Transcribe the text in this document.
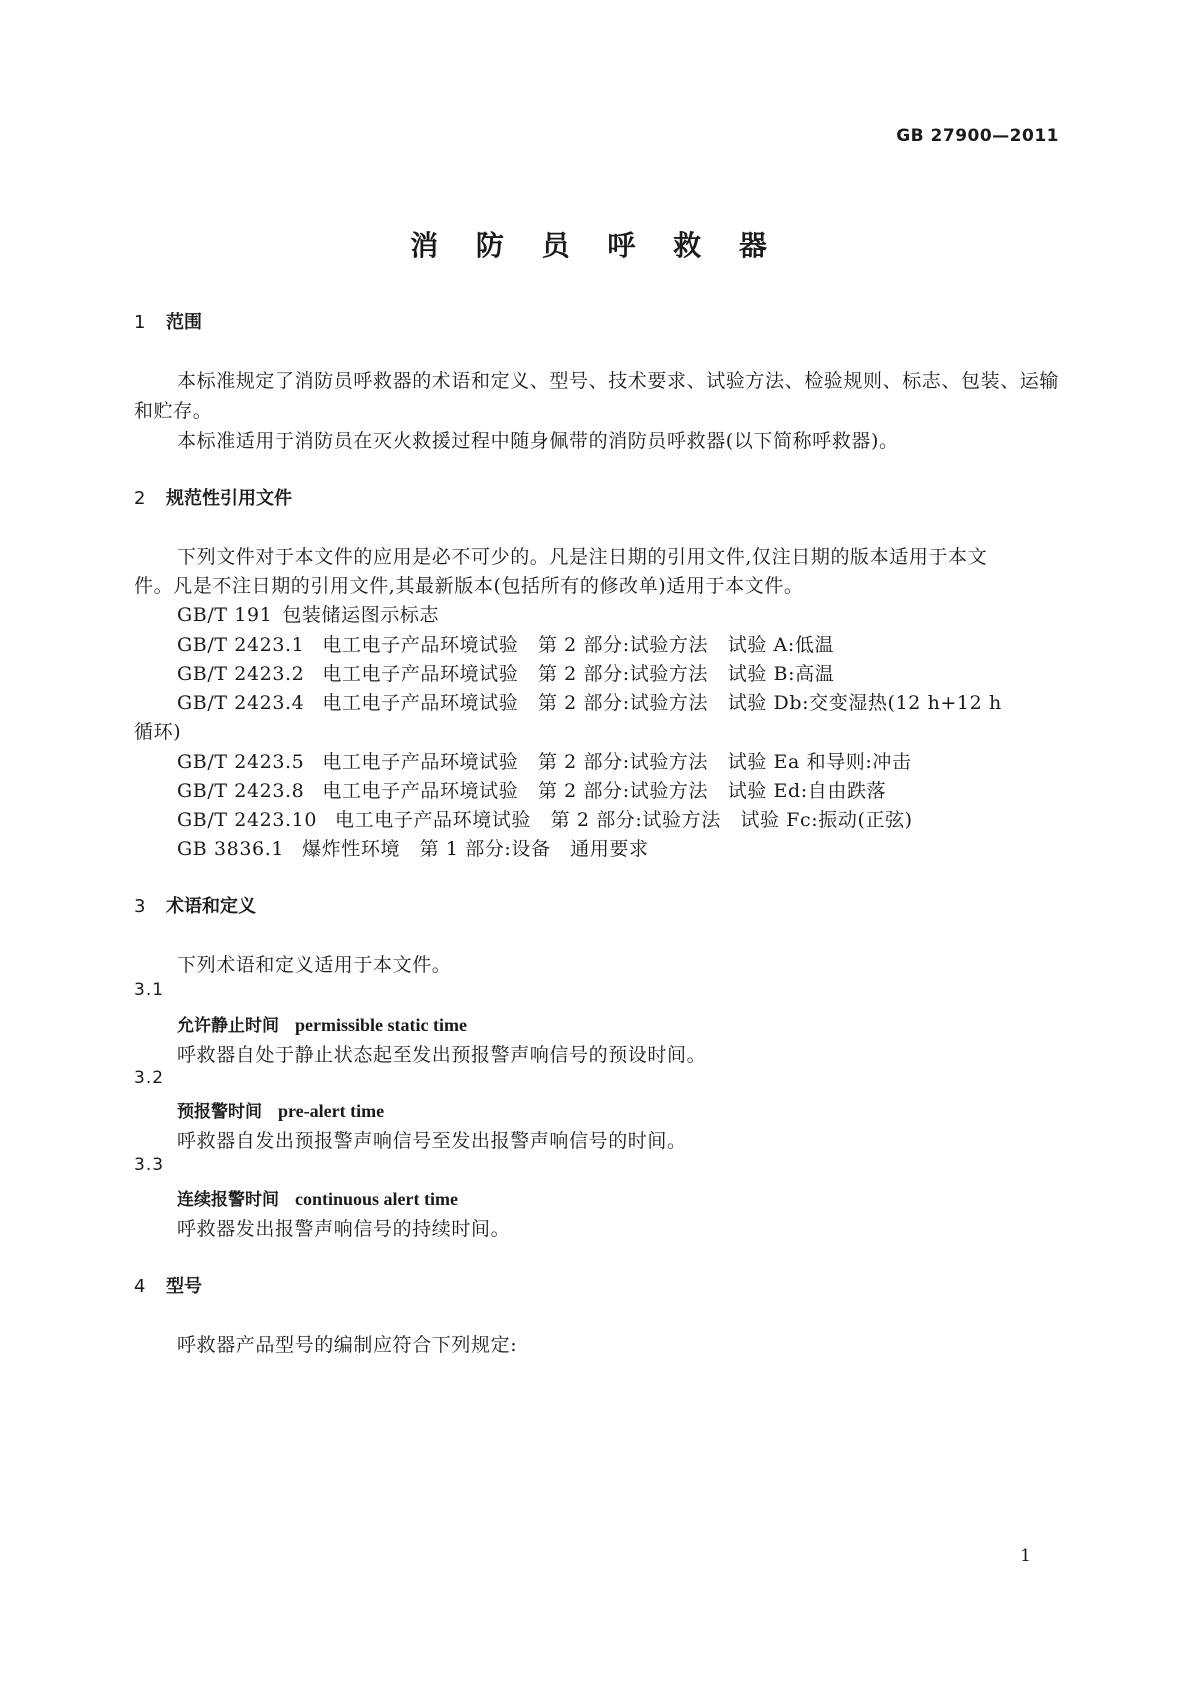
GB 27900—2011
消 防 员 呼 救 器
1 范围
本标准规定了消防员呼救器的术语和定义、型号、技术要求、试验方法、检验规则、标志、包装、运输
和贮存。
本标准适用于消防员在灭火救援过程中随身佩带的消防员呼救器(以下简称呼救器)。
2 规范性引用文件
下列文件对于本文件的应用是必不可少的。凡是注日期的引用文件,仅注日期的版本适用于本文
件。凡是不注日期的引用文件,其最新版本(包括所有的修改单)适用于本文件。
GB/T 191 包装储运图示标志
GB/T 2423.1 电工电子产品环境试验　第 2 部分:试验方法　试验 A:低温
GB/T 2423.2 电工电子产品环境试验　第 2 部分:试验方法　试验 B:高温
GB/T 2423.4 电工电子产品环境试验　第 2 部分:试验方法　试验 Db:交变湿热(12 h+12 h
循环)
GB/T 2423.5 电工电子产品环境试验　第 2 部分:试验方法　试验 Ea 和导则:冲击
GB/T 2423.8 电工电子产品环境试验　第 2 部分:试验方法　试验 Ed:自由跌落
GB/T 2423.10 电工电子产品环境试验　第 2 部分:试验方法　试验 Fc:振动(正弦)
GB 3836.1 爆炸性环境　第 1 部分:设备　通用要求
3 术语和定义
下列术语和定义适用于本文件。
3.1
允许静止时间 permissible static time
呼救器自处于静止状态起至发出预报警声响信号的预设时间。
3.2
预报警时间 pre-alert time
呼救器自发出预报警声响信号至发出报警声响信号的时间。
3.3
连续报警时间 continuous alert time
呼救器发出报警声响信号的持续时间。
4 型号
呼救器产品型号的编制应符合下列规定:
1
